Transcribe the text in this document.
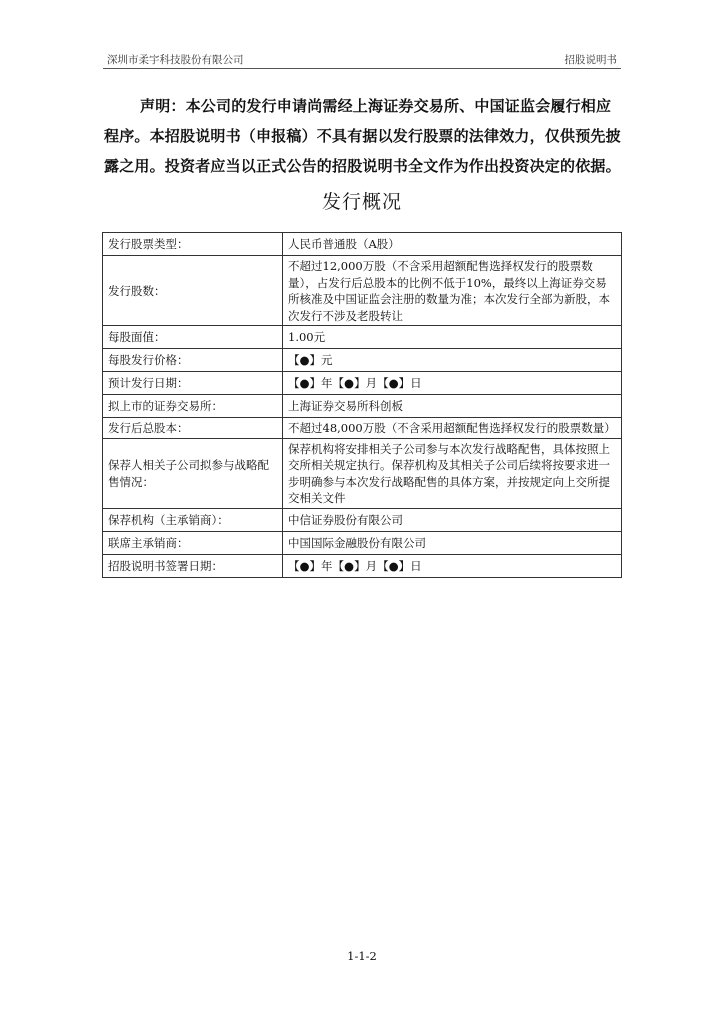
深圳市柔宇科技股份有限公司	招股说明书
声明：本公司的发行申请尚需经上海证券交易所、中国证监会履行相应程序。本招股说明书（申报稿）不具有据以发行股票的法律效力，仅供预先披露之用。投资者应当以正式公告的招股说明书全文作为作出投资决定的依据。
发行概况
发行股票类型：	人民币普通股（A股）
发行股数：	不超过12,000万股（不含采用超额配售选择权发行的股票数量），占发行后总股本的比例不低于10%，最终以上海证券交易所核准及中国证监会注册的数量为准；本次发行全部为新股，本次发行不涉及老股转让
每股面值：	1.00元
每股发行价格：	【●】元
预计发行日期：	【●】年【●】月【●】日
拟上市的证券交易所：	上海证券交易所科创板
发行后总股本：	不超过48,000万股（不含采用超额配售选择权发行的股票数量）
保荐人相关子公司拟参与战略配售情况：	保荐机构将安排相关子公司参与本次发行战略配售，具体按照上交所相关规定执行。保荐机构及其相关子公司后续将按要求进一步明确参与本次发行战略配售的具体方案，并按规定向上交所提交相关文件
保荐机构（主承销商）：	中信证券股份有限公司
联席主承销商：	中国国际金融股份有限公司
招股说明书签署日期：	【●】年【●】月【●】日
1-1-2
